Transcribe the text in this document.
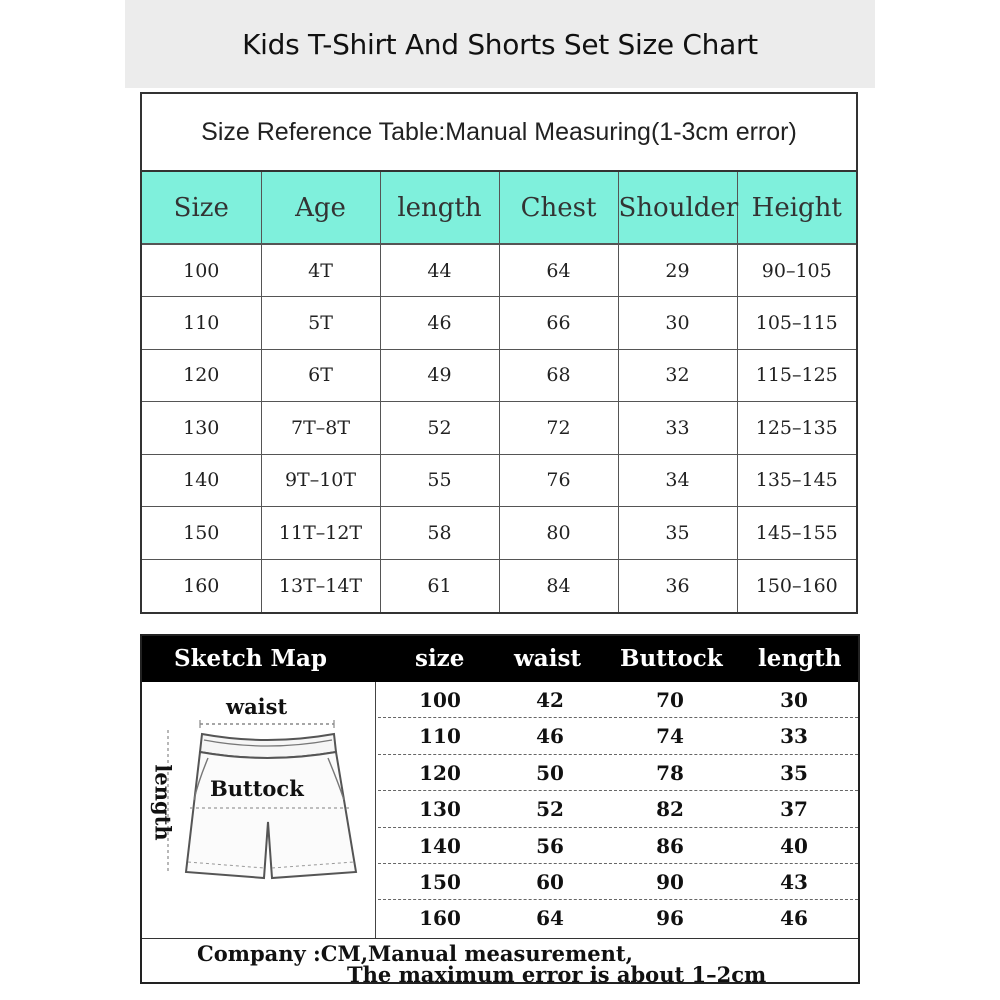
Kids T-Shirt And Shorts Set Size Chart
Size Reference Table:Manual Measuring(1-3cm error)
Size	Age	length	Chest	Shoulder	Height
100	4T	44	64	29	90–105
110	5T	46	66	30	105–115
120	6T	49	68	32	115–125
130	7T–8T	52	72	33	125–135
140	9T–10T	55	76	34	135–145
150	11T–12T	58	80	35	145–155
160	13T–14T	61	84	36	150–160
Sketch Map	size waist Buttock length
waist
Buttock
length
100	42	70	30
110	46	74	33
120	50	78	35
130	52	82	37
140	56	86	40
150	60	90	43
160	64	96	46
Company :CM,Manual measurement,
The maximum error is about 1–2cm
